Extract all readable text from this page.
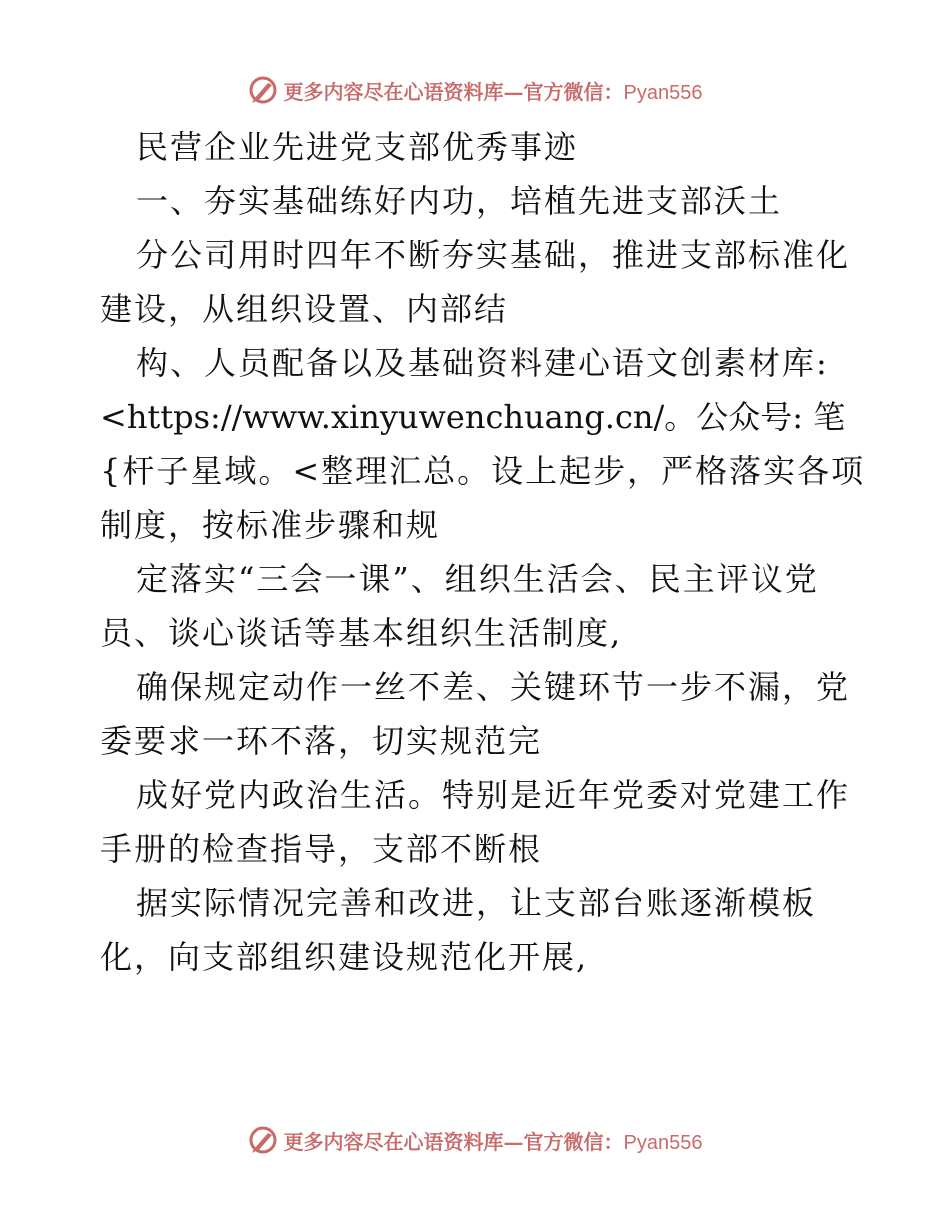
更多内容尽在心语资料库—官方微信：Pyan556
民营企业先进党支部优秀事迹
一、夯实基础练好内功，培植先进支部沃土
分公司用时四年不断夯实基础，推进支部标准化
建设，从组织设置、内部结
构、人员配备以及基础资料建心语文创素材库:
<https://www.xinyuwenchuang.cn/。公众号: 笔
{杆子星域。<整理汇总。设上起步，严格落实各项
制度，按标准步骤和规
定落实“三会一课”、组织生活会、民主评议党
员、谈心谈话等基本组织生活制度,
确保规定动作一丝不差、关键环节一步不漏，党
委要求一环不落，切实规范完
成好党内政治生活。特别是近年党委对党建工作
手册的检查指导，支部不断根
据实际情况完善和改进，让支部台账逐渐模板
化，向支部组织建设规范化开展,
更多内容尽在心语资料库—官方微信：Pyan556
